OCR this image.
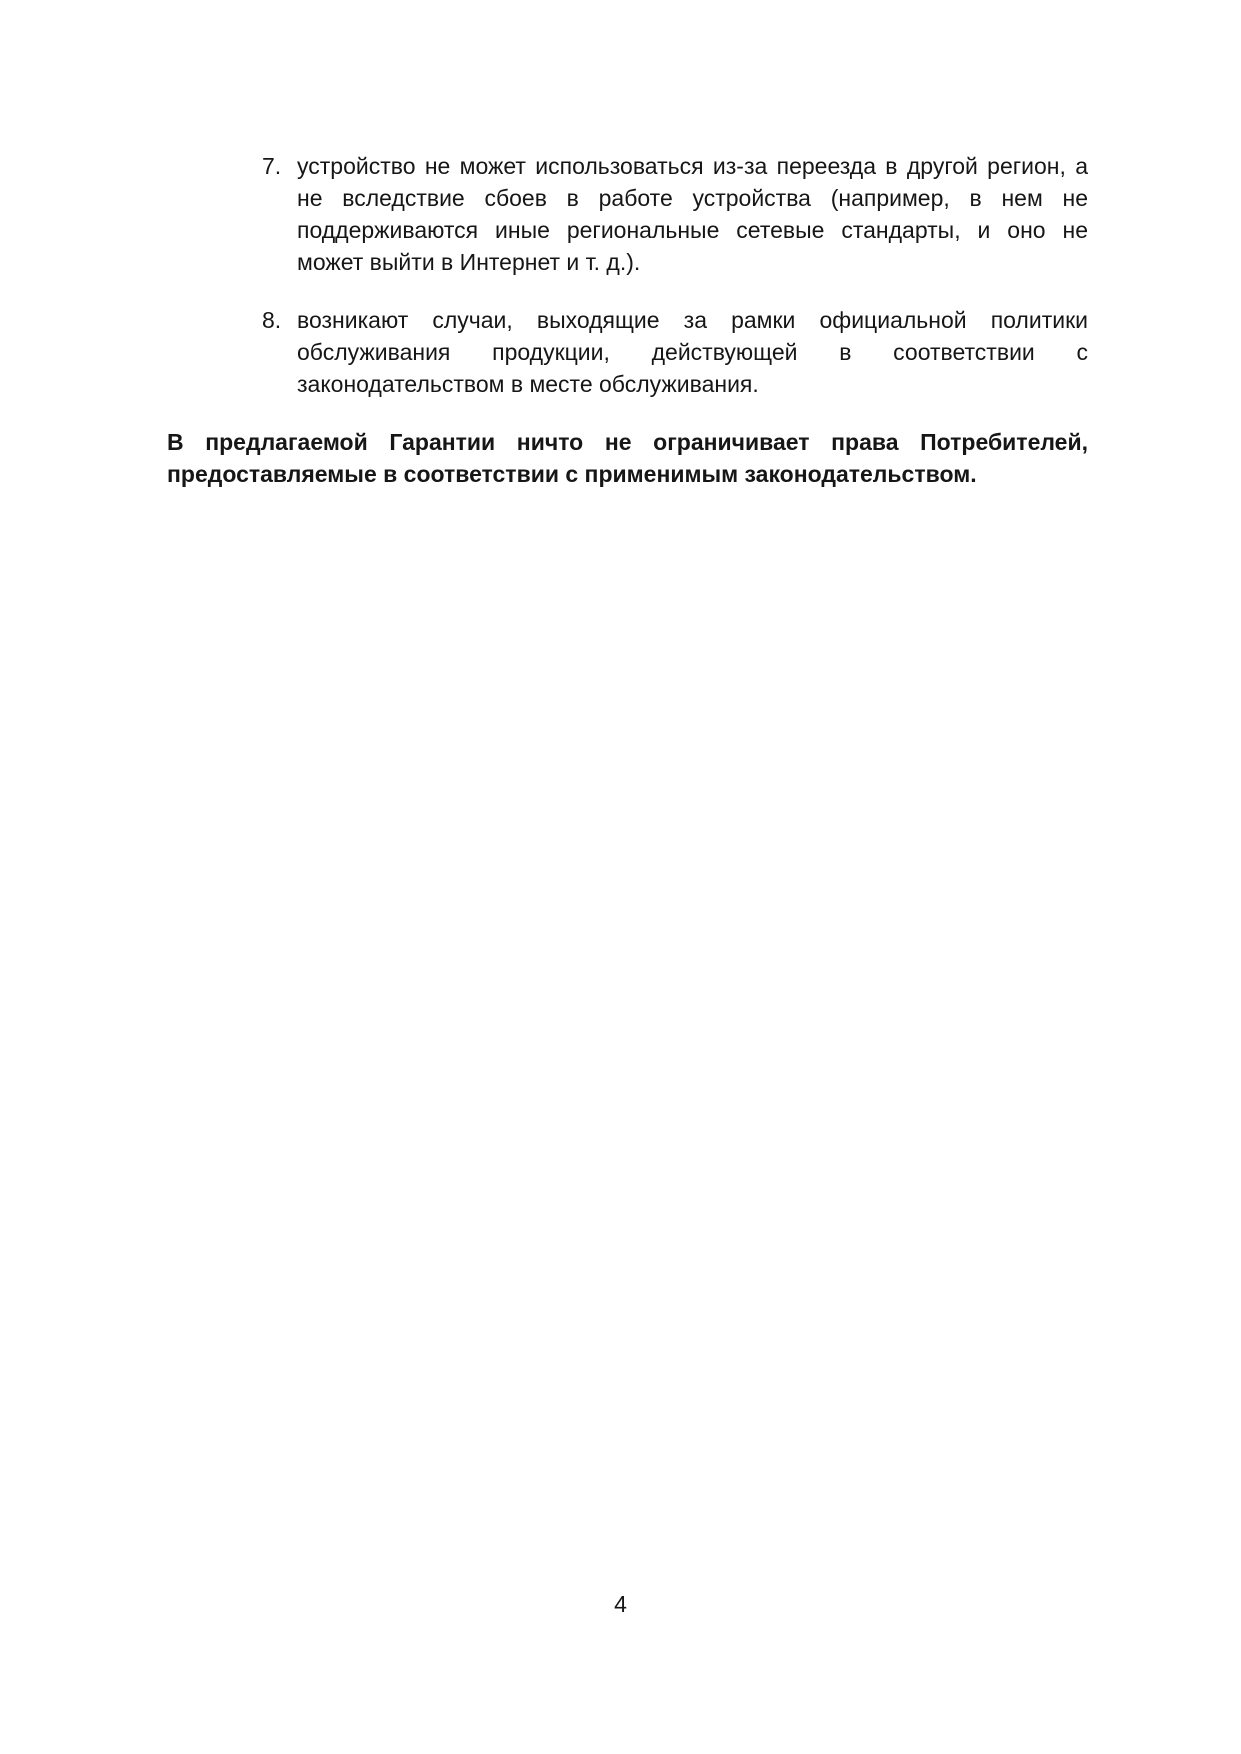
7. устройство не может использоваться из-за переезда в другой регион, а
не вследствие сбоев в работе устройства (например, в нем не
поддерживаются иные региональные сетевые стандарты, и оно не
может выйти в Интернет и т. д.).
8. возникают случаи, выходящие за рамки официальной политики
обслуживания продукции, действующей в соответствии с
законодательством в месте обслуживания.

В предлагаемой Гарантии ничто не ограничивает права Потребителей,
предоставляемые в соответствии с применимым законодательством.

4
